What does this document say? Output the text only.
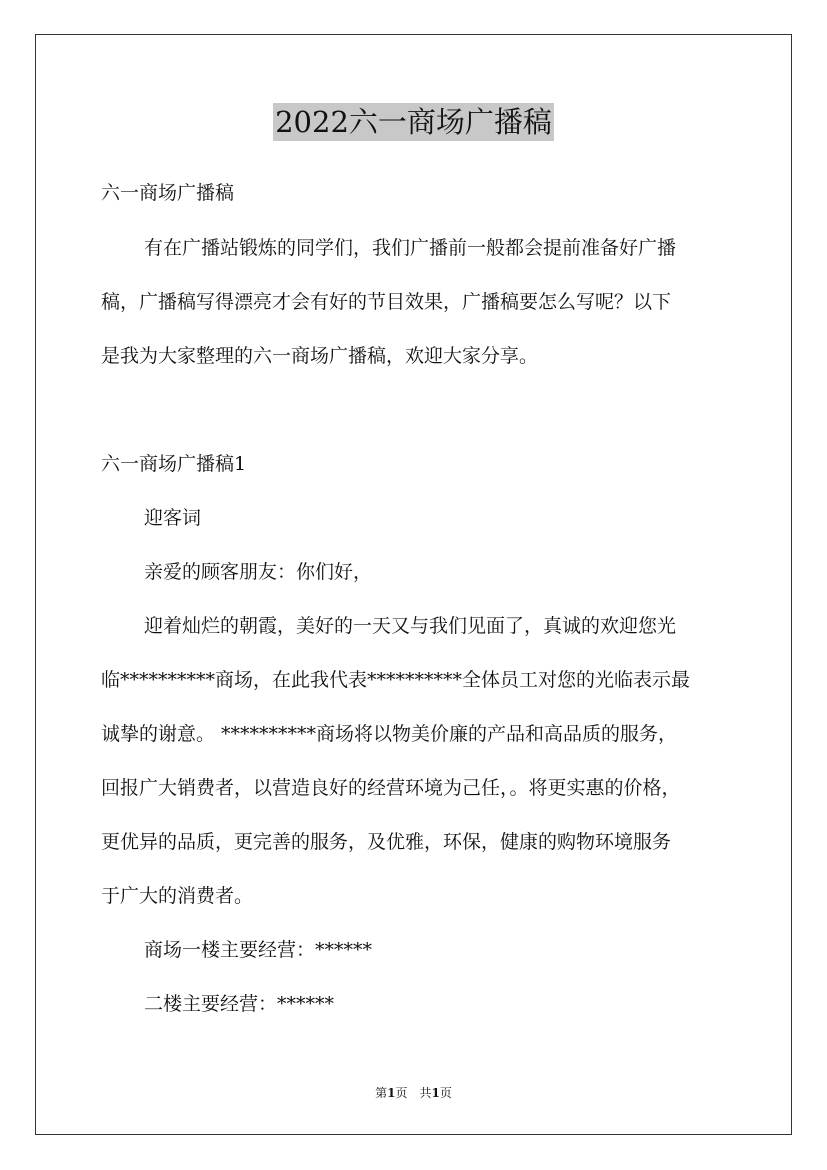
2022六一商场广播稿
六一商场广播稿
有在广播站锻炼的同学们，我们广播前一般都会提前准备好广播
稿，广播稿写得漂亮才会有好的节目效果，广播稿要怎么写呢？以下
是我为大家整理的六一商场广播稿，欢迎大家分享。
六一商场广播稿1
迎客词
亲爱的顾客朋友：你们好，
迎着灿烂的朝霞，美好的一天又与我们见面了，真诚的欢迎您光
临**********商场，在此我代表**********全体员工对您的光临表示最
诚挚的谢意。 **********商场将以物美价廉的产品和高品质的服务，
回报广大销费者，以营造良好的经营环境为己任，。将更实惠的价格，
更优异的品质，更完善的服务，及优雅，环保，健康的购物环境服务
于广大的消费者。
商场一楼主要经营：******
二楼主要经营：******
第1页　共1页
